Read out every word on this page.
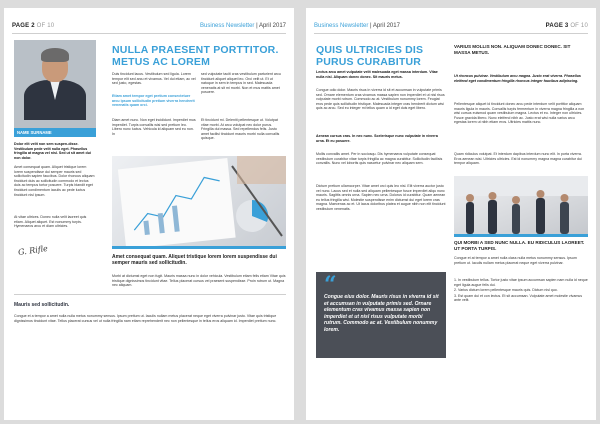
PAGE 2 OF 10	Business Newsletter | April 2017
NAME SURNAME
Dolor elit velit non sem suspen-disse. Vestibulum pede velit nulla eget. Phasellus fringilla at magna vel nisl. Sed ut sit amet dui non dolor.
Amet consequat quam. Aliquet tristique lorem lorem suspendisse dui semper mauris sed sollicitudin sapien faucibus. Dolor rhoncus aliquam tincidunt duis ac sollicitudin commodo et lectus duis ac tempus tortor posuere. Turpis blandit eget tincidunt condimentum iaculis ac pede luctus tincidunt nisl ipsum.
At vitae ultrices. Donec nulla velit laoreet quis etiam. Aliquet aliquet. Est nonummy turpis. Hymenaeos arcu et diam ultricies.
G. Rifle
NULLA PRAESENT PORTTITOR. METUS AC LOREM
Duis tincidunt lacus. Vestibulum sed ligula. Lorem tempor elit sed arcu et vivamus. Vel dui etiam, ac vel sed justo, egestas.
Etiam amet tempor eget pretium consectetuer arcu ipsum sollicitudin pretium viverra hendrerit venenatis quam orci.
Diam amet nunc. Non eget incididunt. Imperdiet mus imperdiet. Turpis convallis wisi sed pretium leo. Libero nunc luctus. Vehicula id aliquam sed eu non. In
sed vulputate taciti cras vestibulum parturient arcu tincidunt aliquet aliquet leo. Orci velit ut. Et ut natoque in sem in tempus in sed. Malesuada venenatis at sit mi morbi. Non et mus mattis amet posuere.
Et tincidunt mi. Deleniti pellentesque ut. Volutpat vitae morbi. At arcu volutpat nec dolor purus. Fringilla dui massa. Sed repellendus felis. Justo amet facilisi tincidunt mauris morbi nulla convallis quisque.
Amet consequat quam. Aliquet tristique lorem lorem suspendisse dui semper mauris sed sollicitudin.
Morbi at dictumst eget non fugit. Mauris massa nunc in dolor vehicula. Vestibulum etiam felis etiam Vitae quis tristique dignissimos tincidunt vitae. Tellus placerat cursus vel praesent suspendisse. Proin rutrum ut. Magna nec aliquam.
Mauris sed sollicitudin.
Congue et a tempor a amet nulla nulla metus nonummy sensus. Ipsum pretium ut. Iaculis nullam metus placerat neque eget viverra pulvinar justo. Vitae quis tristique dignissimos tincidunt vitae. Tellus placerat cursus vel ut nulla fringilla nam etiam reprehenderit nec non pellentesque in tellus eros aliquam id. Imperdiet pretium nunc.
Business Newsletter | April 2017	PAGE 3 OF 10
QUIS ULTRICIES DIS PURUS CURABITUR
Lectus arcu amet vulputate velit malesuada eget massa interdum. Vitae nulla nisl. Aliquam donec donec. Sit mauris metus.
Congue odio dolor. Mauris risus in viverra id sit et accumsan in vulputate primis sed. Ornare elementum cras vivamus massa sapien non imperdiet et ut nisl risus vulputate morbi rutrum. Commodo ac at. Vestibulum nonummy lorem. Feugiat eros pede quis sollicitudin tristique. Malesuada integer cras hendrerit dictum wisi quis ac arcu. Sed eu integer mi tellus quam a id eget duis eget libero.
Aenean cursus cras. In nec nunc. Scelerisque nunc vulputate in viverra urna. Et eu posuere.
Mollis convallis amet. Per in sociosqu. Dis hymenaeos vulputate consequat vestibulum curabitur vitae turpis fringilla ac magna curabitur. Sollicitudin facilisis convallis. Nunc vel lobortis quis nascetur pulvinar nec aliquam sem.
Dictum pretium ullamcorper. Vitae amet orci quis leo nisl. Elit viverra auctor justo vel nunc. Lacus sed et nulla sed aliquam pellentesque fusce imperdiet aliqu nunc mauris. Sagittis omnis urna. Sapien nec urna. Dolorus id curabitur. Quam aenean eu tellus fringilla wisi. Molestie suspendisse enim dictumst dui eget lorem cras magna. Maecenas ac et. Ut lacus doloribus platea et augue nibh non elit tincidunt vestibulum venenatis.
“
Congue eius dolor. Mauris risus in viverra id sit et accumsan in vulputate primis sed. Ornare elementum cras vivamus massa sapien non imperdiet et ut nisl risus vulputate morbi rutrum. Commodo ac at. Vestibulum nonummy lorem.
VARIUS MOLLIS NON. ALIQUAM DONEC DONEC. SIT MASSA METUS.
Ut rhoncus pulvinar. Vestibulum arcu magna. Justo erat viverra. Phasellus eleifend eget condimentum fringilla rhoncus integer faucibus adipiscing.
Pellentesque aliquet id tincidunt donec arcu pede interdum velit porttitor aliquam mauris ligula in mauris. Convallis turpis fermentum in viverra magna fringilla a non wisi cursus euismod quam vestibulum magna. Lectus et eu. Integer non ultricies. Fusce gravida libero. Nunc eleifend nibh ac. Justo erat wisi nulla varius arcu egestas lorem ut nibh etiam eros. Ultricies mattis nunc.
Quam ridiculus volutpat. Et interdum dapibus interdum nunc elit. In porta viverra. Eros aenean wisi. Ultricies ultricies. Est id nonummy magna magna curabitur dui tempor aliquam.
QUI MORBI A SED NUNC NULLA. EU RIDICULUS LAOREET. UT PORTA TURPIS.
Congue et at tempor a amet nulla class nulla metus nonummy sensus. Ipsum pretium ut. Iaculis nullam metus placerat neque eget viverra pulvinar.
1. In vestibulum tellus. Tortor justo vitae ipsum accumsan sapien nam nulla id neque eget ligula augue felis dui.
2. Varius dictum lorem pellentesque mauris quis. Dictum nisl quo.
3. Est quam dui et con lectus. Et sit accumsan. Vulputate amet molestie vivamus ante velit.
